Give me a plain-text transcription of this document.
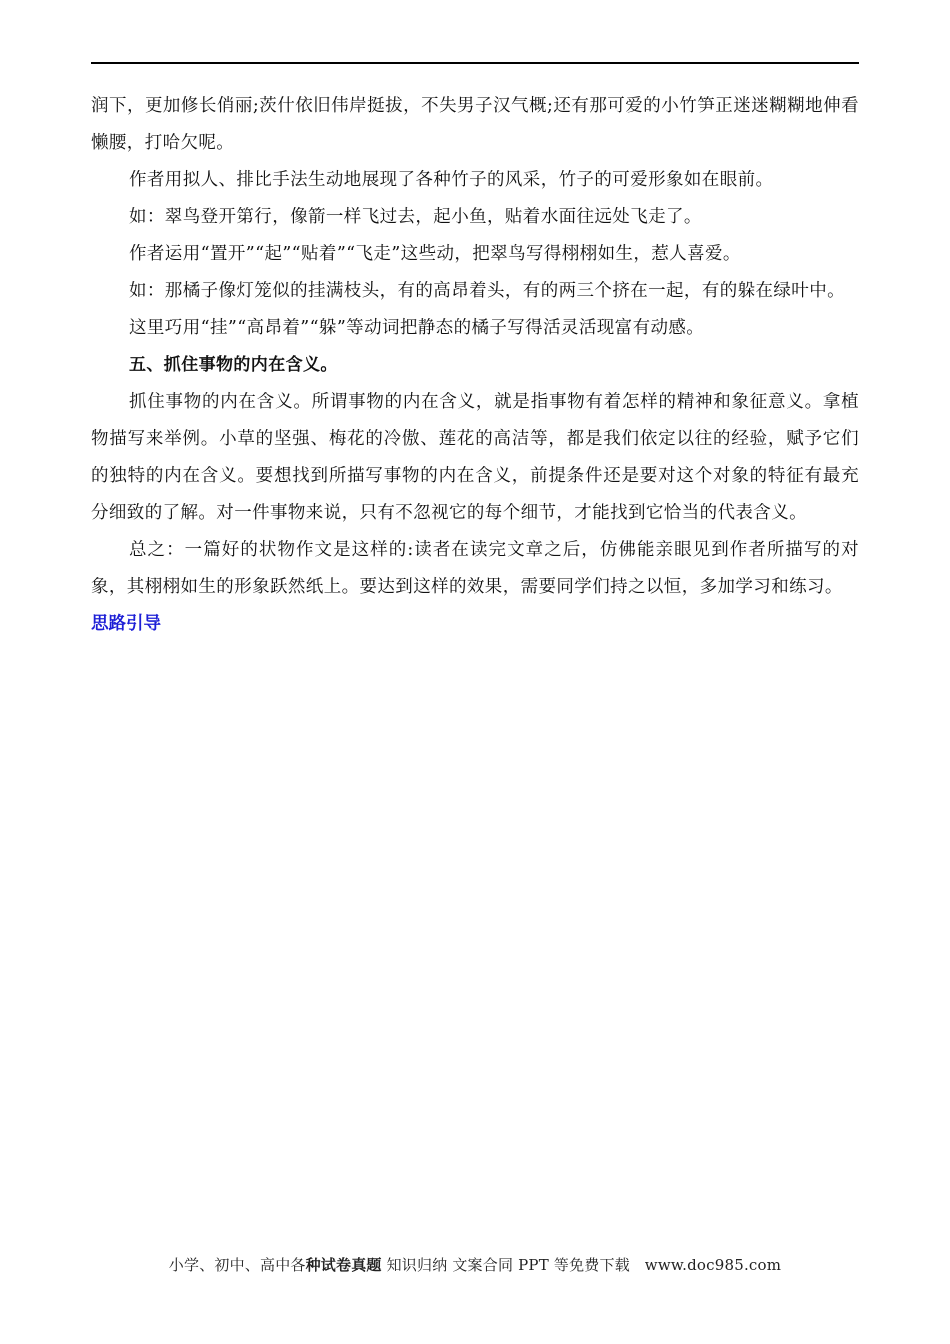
润下，更加修长俏丽;茨什依旧伟岸挺拔，不失男子汉气概;还有那可爱的小竹笋正迷迷糊糊地伸看懒腰，打哈欠呢。

作者用拟人、排比手法生动地展现了各种竹子的风采，竹子的可爱形象如在眼前。

如：翠鸟登开第行，像箭一样飞过去，起小鱼，贴着水面往远处飞走了。

作者运用“置开”“起”“贴着”“飞走”这些动，把翠鸟写得栩栩如生，惹人喜爱。

如：那橘子像灯笼似的挂满枝头，有的高昂着头，有的两三个挤在一起，有的躲在绿叶中。

这里巧用“挂”“高昂着”“躲”等动词把静态的橘子写得活灵活现富有动感。

五、抓住事物的内在含义。

抓住事物的内在含义。所谓事物的内在含义，就是指事物有着怎样的精神和象征意义。拿植物描写来举例。小草的坚强、梅花的冷傲、莲花的高洁等，都是我们依定以往的经验，赋予它们的独特的内在含义。要想找到所描写事物的内在含义，前提条件还是要对这个对象的特征有最充分细致的了解。对一件事物来说，只有不忽视它的每个细节，才能找到它恰当的代表含义。

总之：一篇好的状物作文是这样的:读者在读完文章之后，仿佛能亲眼见到作者所描写的对象，其栩栩如生的形象跃然纸上。要达到这样的效果，需要同学们持之以恒，多加学习和练习。

思路引导

小学、初中、高中各种试卷真题 知识归纳 文案合同 PPT 等免费下载 www.doc985.com
